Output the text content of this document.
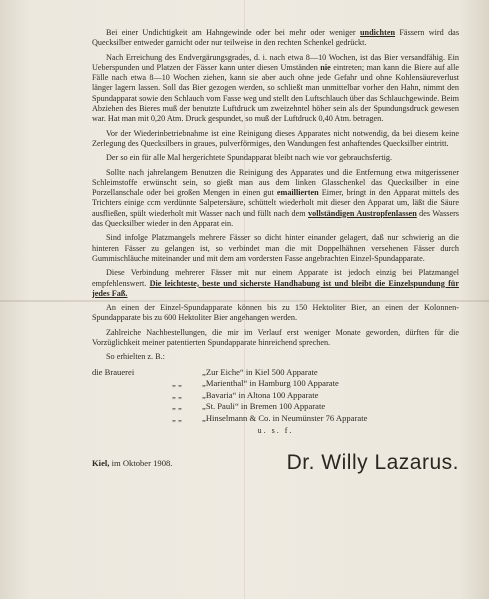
Bei einer Undichtigkeit am Hahngewinde oder bei mehr oder weniger undichten Fässern wird das Quecksilber entweder garnicht oder nur teilweise in den rechten Schenkel gedrückt.

Nach Erreichung des Endvergärungsgrades, d. i. nach etwa 8—10 Wochen, ist das Bier versandfähig. Ein Ueberspunden und Platzen der Fässer kann unter diesen Umständen nie eintreten; man kann die Biere auf alle Fälle nach etwa 8—10 Wochen ziehen, kann sie aber auch ohne jede Gefahr und ohne Kohlensäureverlust länger lagern lassen. Soll das Bier gezogen werden, so schließt man unmittelbar vorher den Hahn, nimmt den Spundapparat sowie den Schlauch vom Fasse weg und stellt den Luftschlauch über das Schlauchgewinde. Beim Abziehen des Bieres muß der benutzte Luftdruck um zweizehntel höher sein als der Spundungsdruck gewesen war. Hat man mit 0,20 Atm. Druck gespundet, so muß der Luftdruck 0,40 Atm. betragen.

Vor der Wiederinbetriebnahme ist eine Reinigung dieses Apparates nicht notwendig, da bei diesem keine Zerlegung des Quecksilbers in graues, pulverförmiges, den Wandungen fest anhaftendes Quecksilber eintritt.

Der so ein für alle Mal hergerichtete Spundapparat bleibt nach wie vor gebrauchsfertig.

Sollte nach jahrelangem Benutzen die Reinigung des Apparates und die Entfernung etwa mitgerissener Schleimstoffe erwünscht sein, so gießt man aus dem linken Glasschenkel das Quecksilber in eine Porzellanschale oder bei großen Mengen in einen gut emaillierten Eimer, bringt in den Apparat mittels des Trichters einige ccm verdünnte Salpetersäure, schüttelt wiederholt mit dieser den Apparat um, läßt die Säure ausfließen, spült wiederholt mit Wasser nach und füllt nach dem vollständigen Austropfenlassen des Wassers das Quecksilber wieder in den Apparat ein.

Sind infolge Platzmangels mehrere Fässer so dicht hinter einander gelagert, daß nur schwierig an die hinteren Fässer zu gelangen ist, so verbindet man die mit Doppelhähnen versehenen Fässer durch Gummischläuche miteinander und mit dem am vordersten Fasse angebrachten Einzel-Spundapparate.

Diese Verbindung mehrerer Fässer mit nur einem Apparate ist jedoch einzig bei Platzmangel empfehlenswert. Die leichteste, beste und sicherste Handhabung ist und bleibt die Einzelspundung für jedes Faß.

An einen der Einzel-Spundapparate können bis zu 150 Hektoliter Bier, an einen der Kolonnen-Spundapparate bis zu 600 Hektoliter Bier angehangen werden.

Zahlreiche Nachbestellungen, die mir im Verlauf erst weniger Monate geworden, dürften für die Vorzüglichkeit meiner patentierten Spundapparate hinreichend sprechen.

So erhielten z. B.:

die Brauerei	„Zur Eiche“ in Kiel 500 Apparate
„ „	„Marienthal“ in Hamburg 100 Apparate
„ „	„Bavaria“ in Altona 100 Apparate
„ „	„St. Pauli“ in Bremen 100 Apparate
„ „	„Hinselmann & Co. in Neumünster 76 Apparate
u. s. f.
Kiel, im Oktober 1908.	Dr. Willy Lazarus.
